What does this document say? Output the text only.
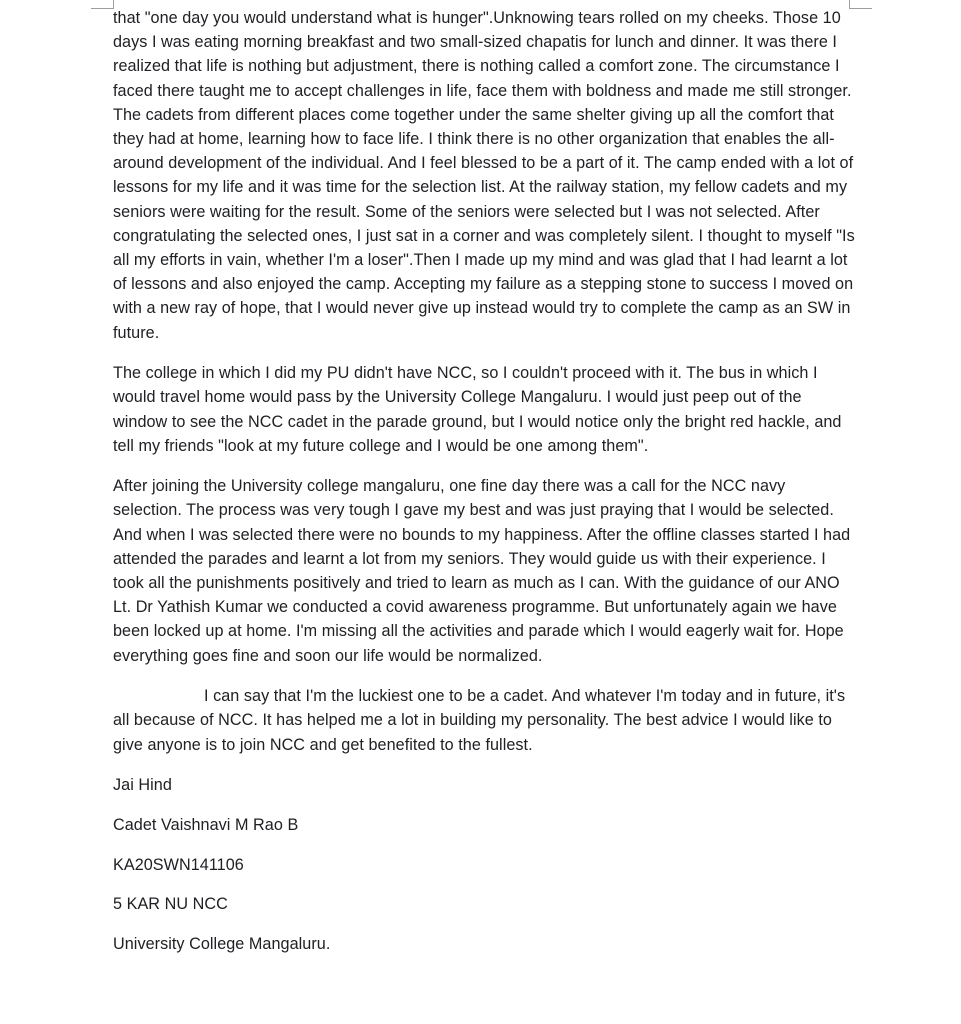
that "one day you would understand what is hunger".Unknowing tears rolled on my cheeks. Those 10 days I was eating morning breakfast and two small-sized chapatis for lunch and dinner. It was there I realized that life is nothing but adjustment, there is nothing called a comfort zone. The circumstance I faced there taught me to accept challenges in life, face them with boldness and made me still stronger. The cadets from different places come together under the same shelter giving up all the comfort that they had at home, learning how to face life. I think there is no other organization that enables the all-around development of the individual. And I feel blessed to be a part of it. The camp ended with a lot of lessons for my life and it was time for the selection list. At the railway station, my fellow cadets and my seniors were waiting for the result. Some of the seniors were selected but I was not selected. After congratulating the selected ones, I just sat in a corner and was completely silent. I thought to myself "Is all my efforts in vain, whether I'm a loser".Then I made up my mind and was glad that I had learnt a lot of lessons and also enjoyed the camp. Accepting my failure as a stepping stone to success I moved on with a new ray of hope, that I would never give up instead would try to complete the camp as an SW in future.

The college in which I did my PU didn't have NCC, so I couldn't proceed with it. The bus in which I would travel home would pass by the University College Mangaluru. I would just peep out of the window to see the NCC cadet in the parade ground, but I would notice only the bright red hackle, and tell my friends "look at my future college and I would be one among them".

After joining the University college mangaluru, one fine day there was a call for the NCC navy selection. The process was very tough I gave my best and was just praying that I would be selected. And when I was selected there were no bounds to my happiness. After the offline classes started I had attended the parades and learnt a lot from my seniors. They would guide us with their experience. I took all the punishments positively and tried to learn as much as I can. With the guidance of our ANO Lt. Dr Yathish Kumar we conducted a covid awareness programme. But unfortunately again we have been locked up at home. I'm missing all the activities and parade which I would eagerly wait for. Hope everything goes fine and soon our life would be normalized.

I can say that I'm the luckiest one to be a cadet. And whatever I'm today and in future, it's all because of NCC. It has helped me a lot in building my personality. The best advice I would like to give anyone is to join NCC and get benefited to the fullest.

Jai Hind

Cadet Vaishnavi M Rao B

KA20SWN141106

5 KAR NU NCC

University College Mangaluru.
